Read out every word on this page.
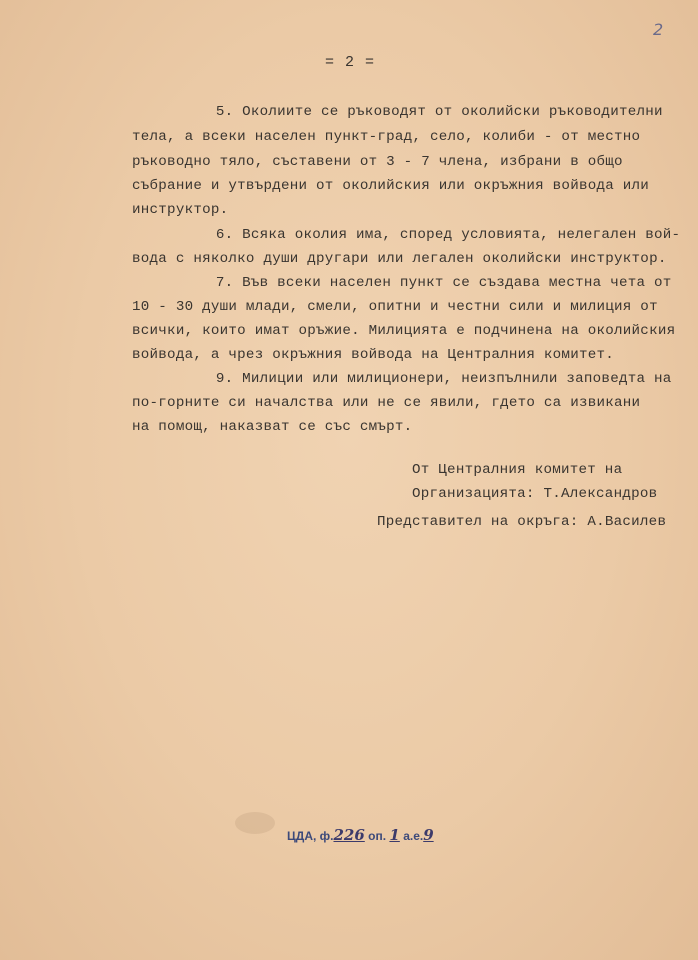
2
= 2 =
5. Околиите се ръководят от околийски ръководителни
тела, а всеки населен пункт-град, село, колиби - от местно
ръководно тяло, съставени от 3 - 7 члена, избрани в общо
събрание и утвърдени от околийския или окръжния войвода или
инструктор.
6. Всяка околия има, според условията, нелегален вой-
вода с няколко души другари или легален околийски инструктор.
7. Във всеки населен пункт се създава местна чета от
10 - 30 души млади, смели, опитни и честни сили и милиция от
всички, които имат оръжие. Милицията е подчинена на околийския
войвода, а чрез окръжния войвода на Централния комитет.
9. Милиции или милиционери, неизпълнили заповедта на
по-горните си началства или не се явили, гдето са извикани
на помощ, наказват се със смърт.
От Централния комитет на
Организацията: Т.Александров
Представител на окръга: А.Василев
ЦДА, ф.226 оп. 1 а.е.9
